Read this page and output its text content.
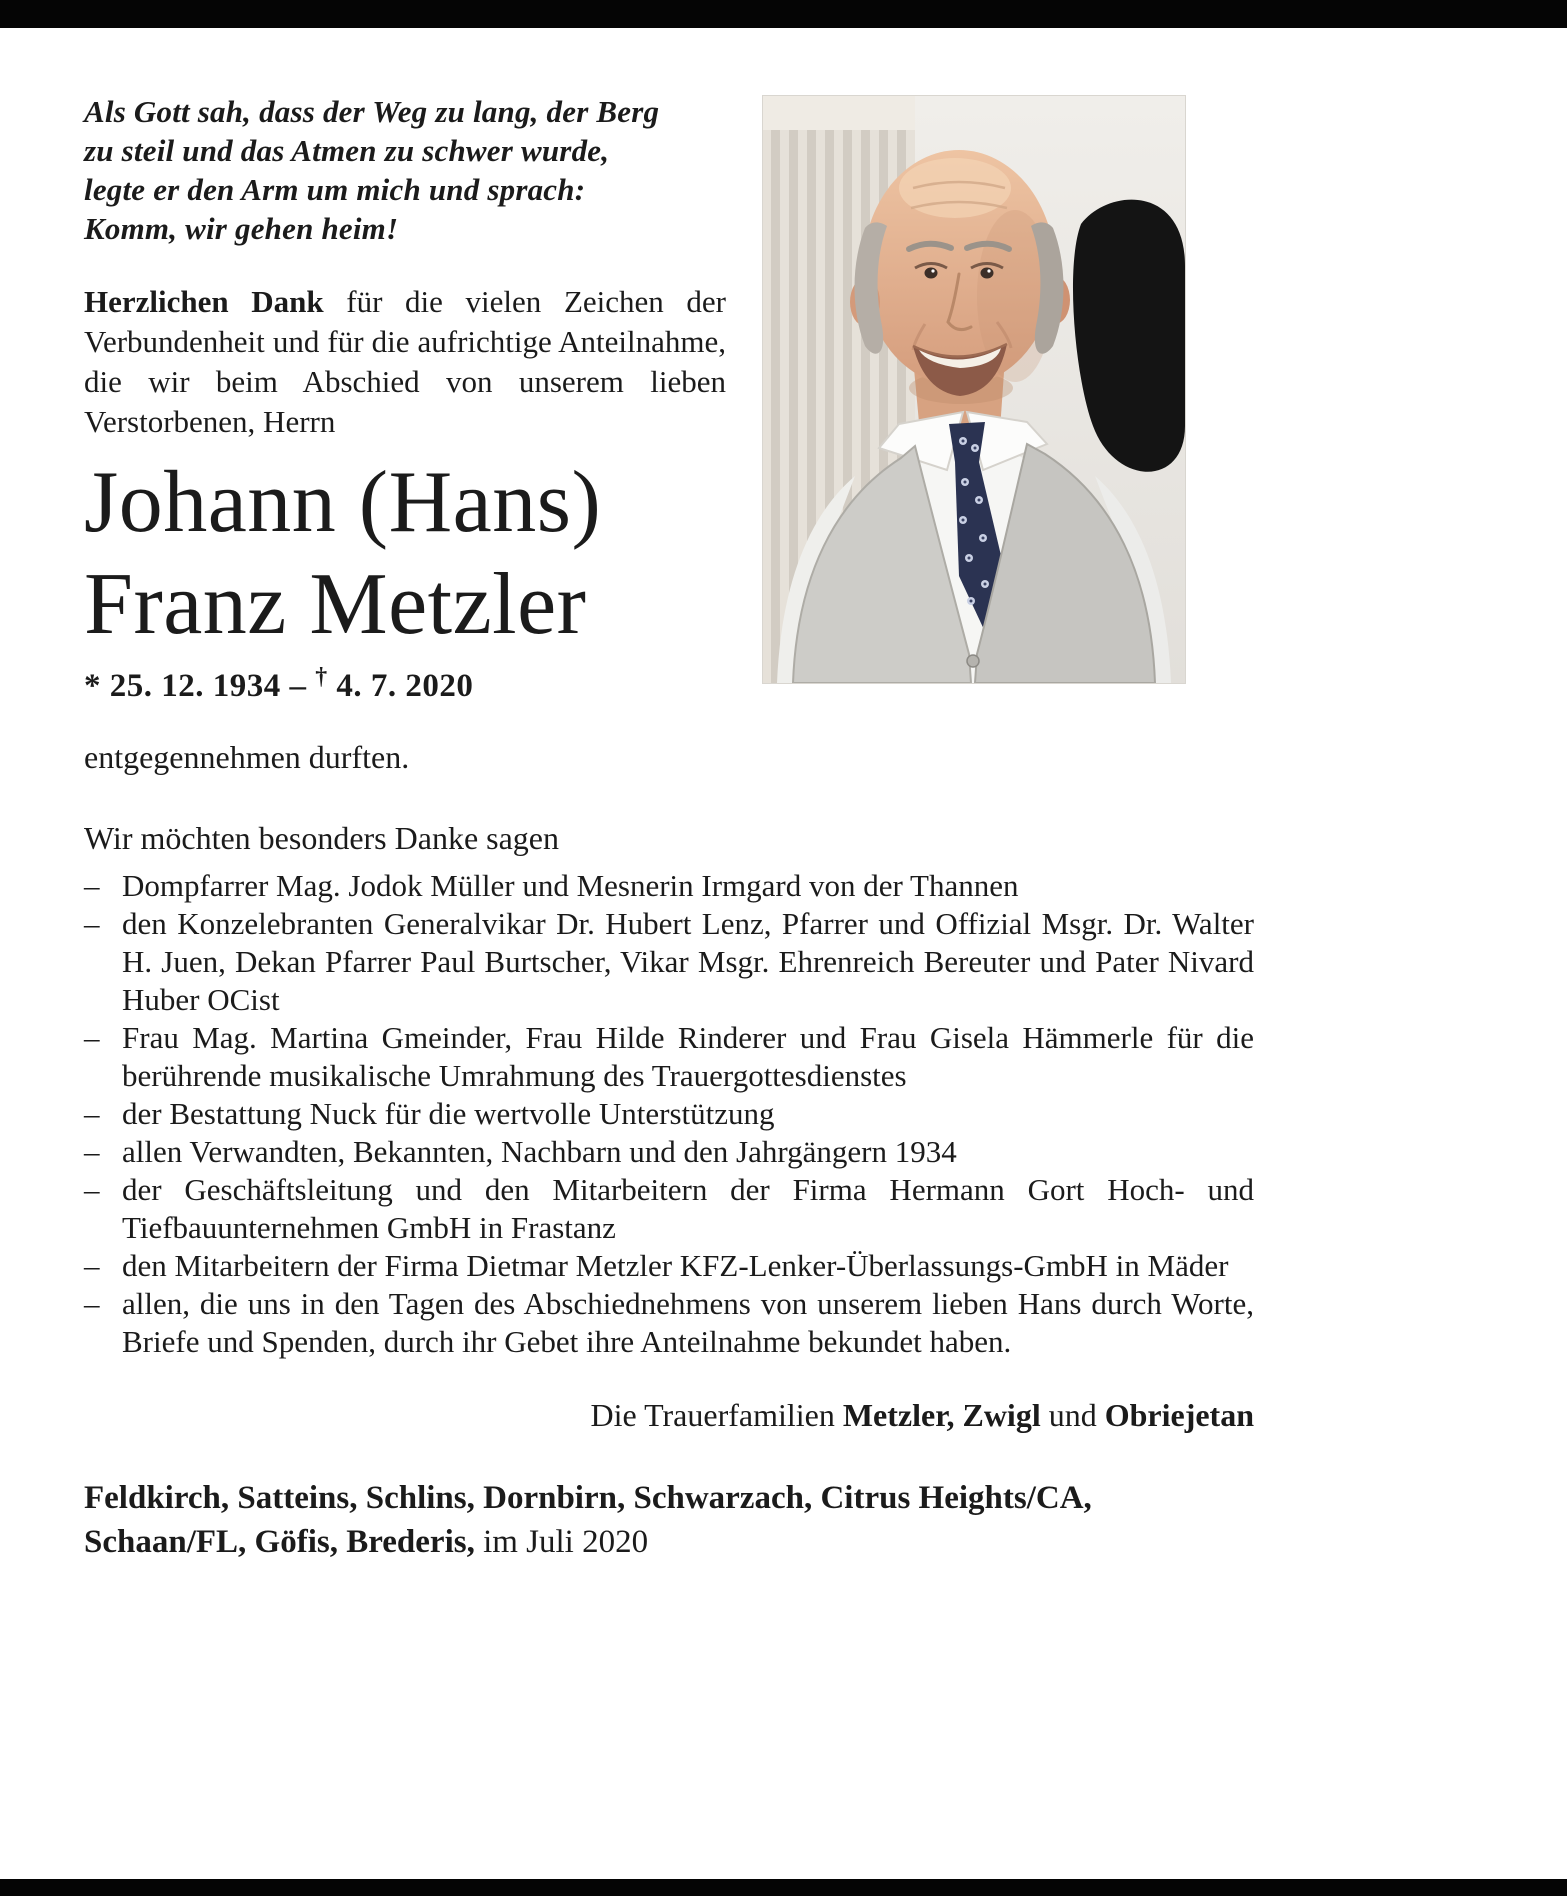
Als Gott sah, dass der Weg zu lang, der Berg
zu steil und das Atmen zu schwer wurde,
legte er den Arm um mich und sprach:
Komm, wir gehen heim!

Herzlichen Dank für die vielen Zeichen der Verbundenheit und für die aufrichtige Anteilnahme, die wir beim Abschied von unserem lieben Verstorbenen, Herrn

Johann (Hans)
Franz Metzler
* 25. 12. 1934 – † 4. 7. 2020
entgegennehmen durften.
Wir möchten besonders Danke sagen
– Dompfarrer Mag. Jodok Müller und Mesnerin Irmgard von der Thannen
– den Konzelebranten Generalvikar Dr. Hubert Lenz, Pfarrer und Offizial Msgr. Dr. Walter H. Juen, Dekan Pfarrer Paul Burtscher, Vikar Msgr. Ehrenreich Bereuter und Pater Nivard Huber OCist
– Frau Mag. Martina Gmeinder, Frau Hilde Rinderer und Frau Gisela Hämmerle für die berührende musikalische Umrahmung des Trauergottesdienstes
– der Bestattung Nuck für die wertvolle Unterstützung
– allen Verwandten, Bekannten, Nachbarn und den Jahrgängern 1934
– der Geschäftsleitung und den Mitarbeitern der Firma Hermann Gort Hoch- und Tiefbauunternehmen GmbH in Frastanz
– den Mitarbeitern der Firma Dietmar Metzler KFZ-Lenker-Überlassungs-GmbH in Mäder
– allen, die uns in den Tagen des Abschiednehmens von unserem lieben Hans durch Worte, Briefe und Spenden, durch ihr Gebet ihre Anteilnahme bekundet haben.
Die Trauerfamilien Metzler, Zwigl und Obriejetan
Feldkirch, Satteins, Schlins, Dornbirn, Schwarzach, Citrus Heights/CA, Schaan/FL, Göfis, Brederis, im Juli 2020
